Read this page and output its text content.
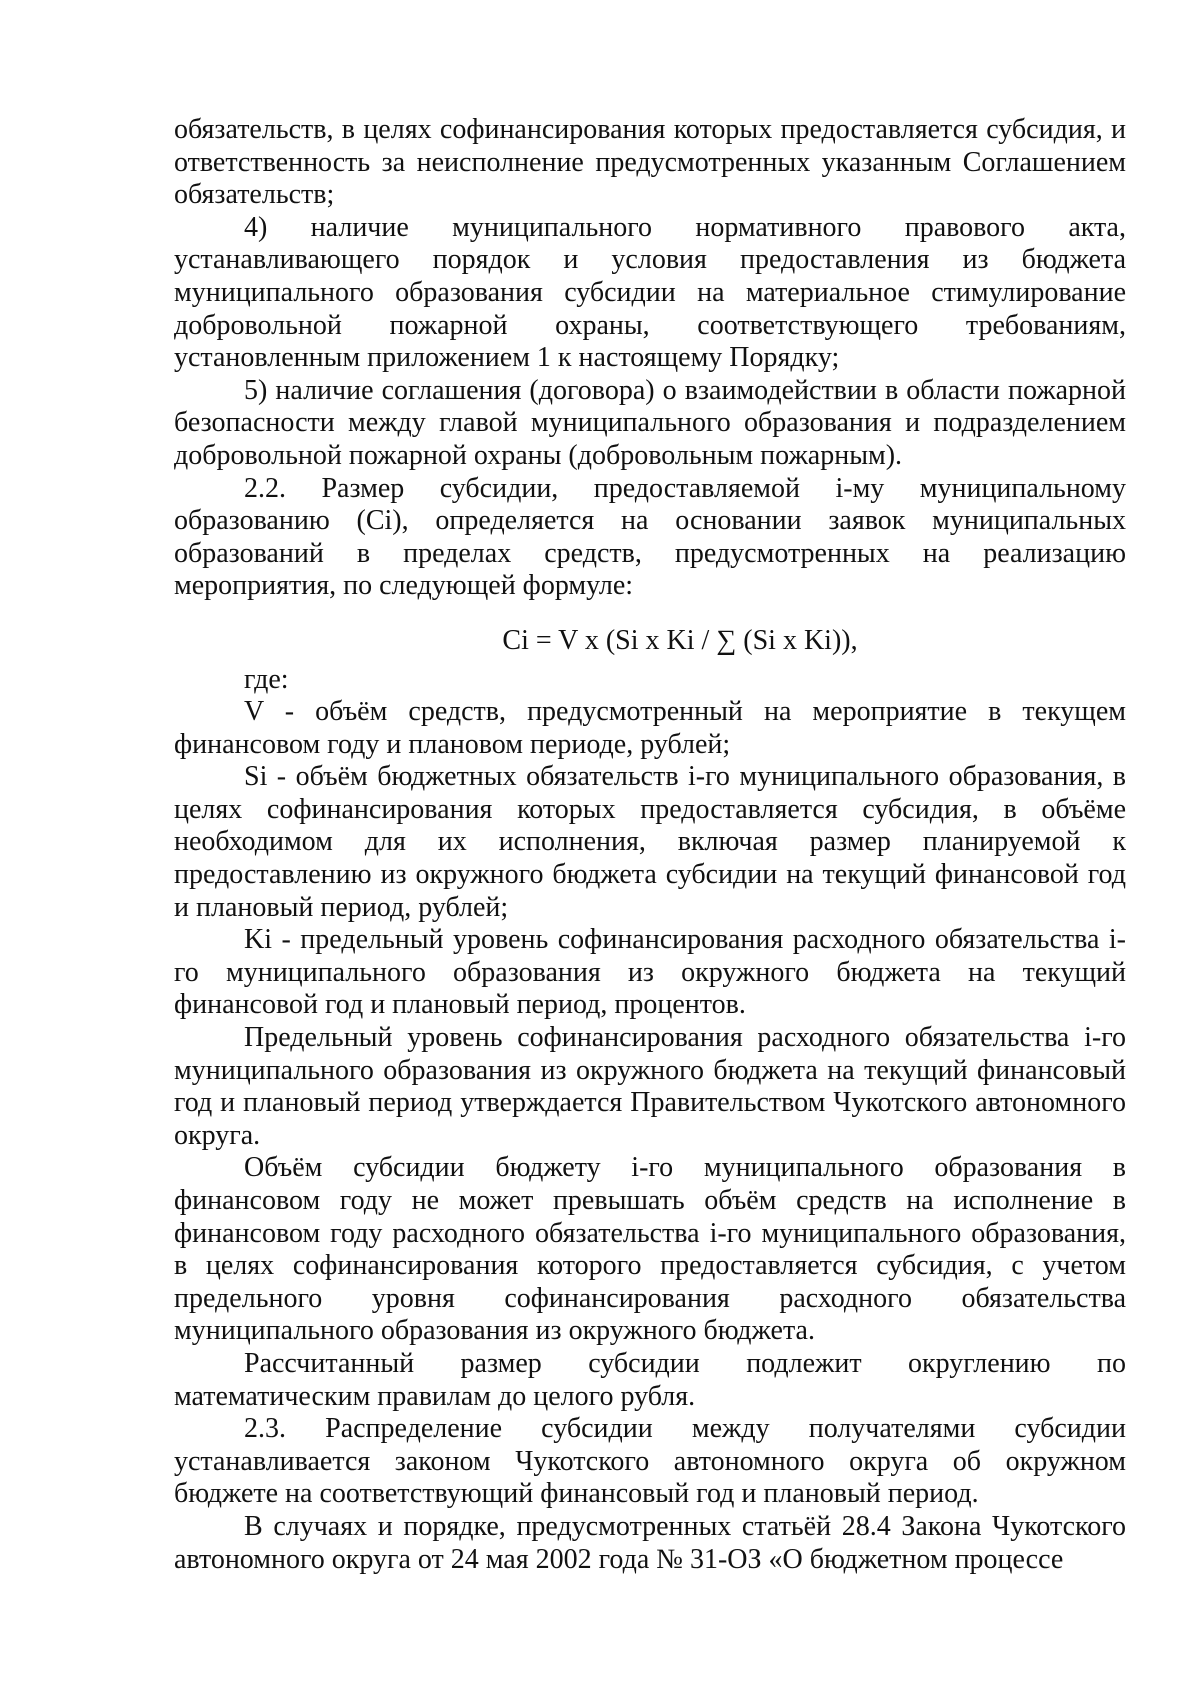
обязательств, в целях софинансирования которых предоставляется субсидия, и ответственность за неисполнение предусмотренных указанным Соглашением обязательств;

4) наличие муниципального нормативного правового акта, устанавливающего порядок и условия предоставления из бюджета муниципального образования субсидии на материальное стимулирование добровольной пожарной охраны, соответствующего требованиям, установленным приложением 1 к настоящему Порядку;

5) наличие соглашения (договора) о взаимодействии в области пожарной безопасности между главой муниципального образования и подразделением добровольной пожарной охраны (добровольным пожарным).

2.2. Размер субсидии, предоставляемой i-му муниципальному образованию (Ci), определяется на основании заявок муниципальных образований в пределах средств, предусмотренных на реализацию мероприятия, по следующей формуле:

Ci = V x (Si x Ki / ∑ (Si x Ki)),

где:

V - объём средств, предусмотренный на мероприятие в текущем финансовом году и плановом периоде, рублей;

Si - объём бюджетных обязательств i-го муниципального образования, в целях софинансирования которых предоставляется субсидия, в объёме необходимом для их исполнения, включая размер планируемой к предоставлению из окружного бюджета субсидии на текущий финансовой год и плановый период, рублей;

Ki - предельный уровень софинансирования расходного обязательства i-го муниципального образования из окружного бюджета на текущий финансовой год и плановый период, процентов.

Предельный уровень софинансирования расходного обязательства i-го муниципального образования из окружного бюджета на текущий финансовый год и плановый период утверждается Правительством Чукотского автономного округа.

Объём субсидии бюджету i-го муниципального образования в финансовом году не может превышать объём средств на исполнение в финансовом году расходного обязательства i-го муниципального образования, в целях софинансирования которого предоставляется субсидия, с учетом предельного уровня софинансирования расходного обязательства муниципального образования из окружного бюджета.

Рассчитанный размер субсидии подлежит округлению по математическим правилам до целого рубля.

2.3. Распределение субсидии между получателями субсидии устанавливается законом Чукотского автономного округа об окружном бюджете на соответствующий финансовый год и плановый период.

В случаях и порядке, предусмотренных статьёй 28.4 Закона Чукотского автономного округа от 24 мая 2002 года № 31-ОЗ «О бюджетном процессе
